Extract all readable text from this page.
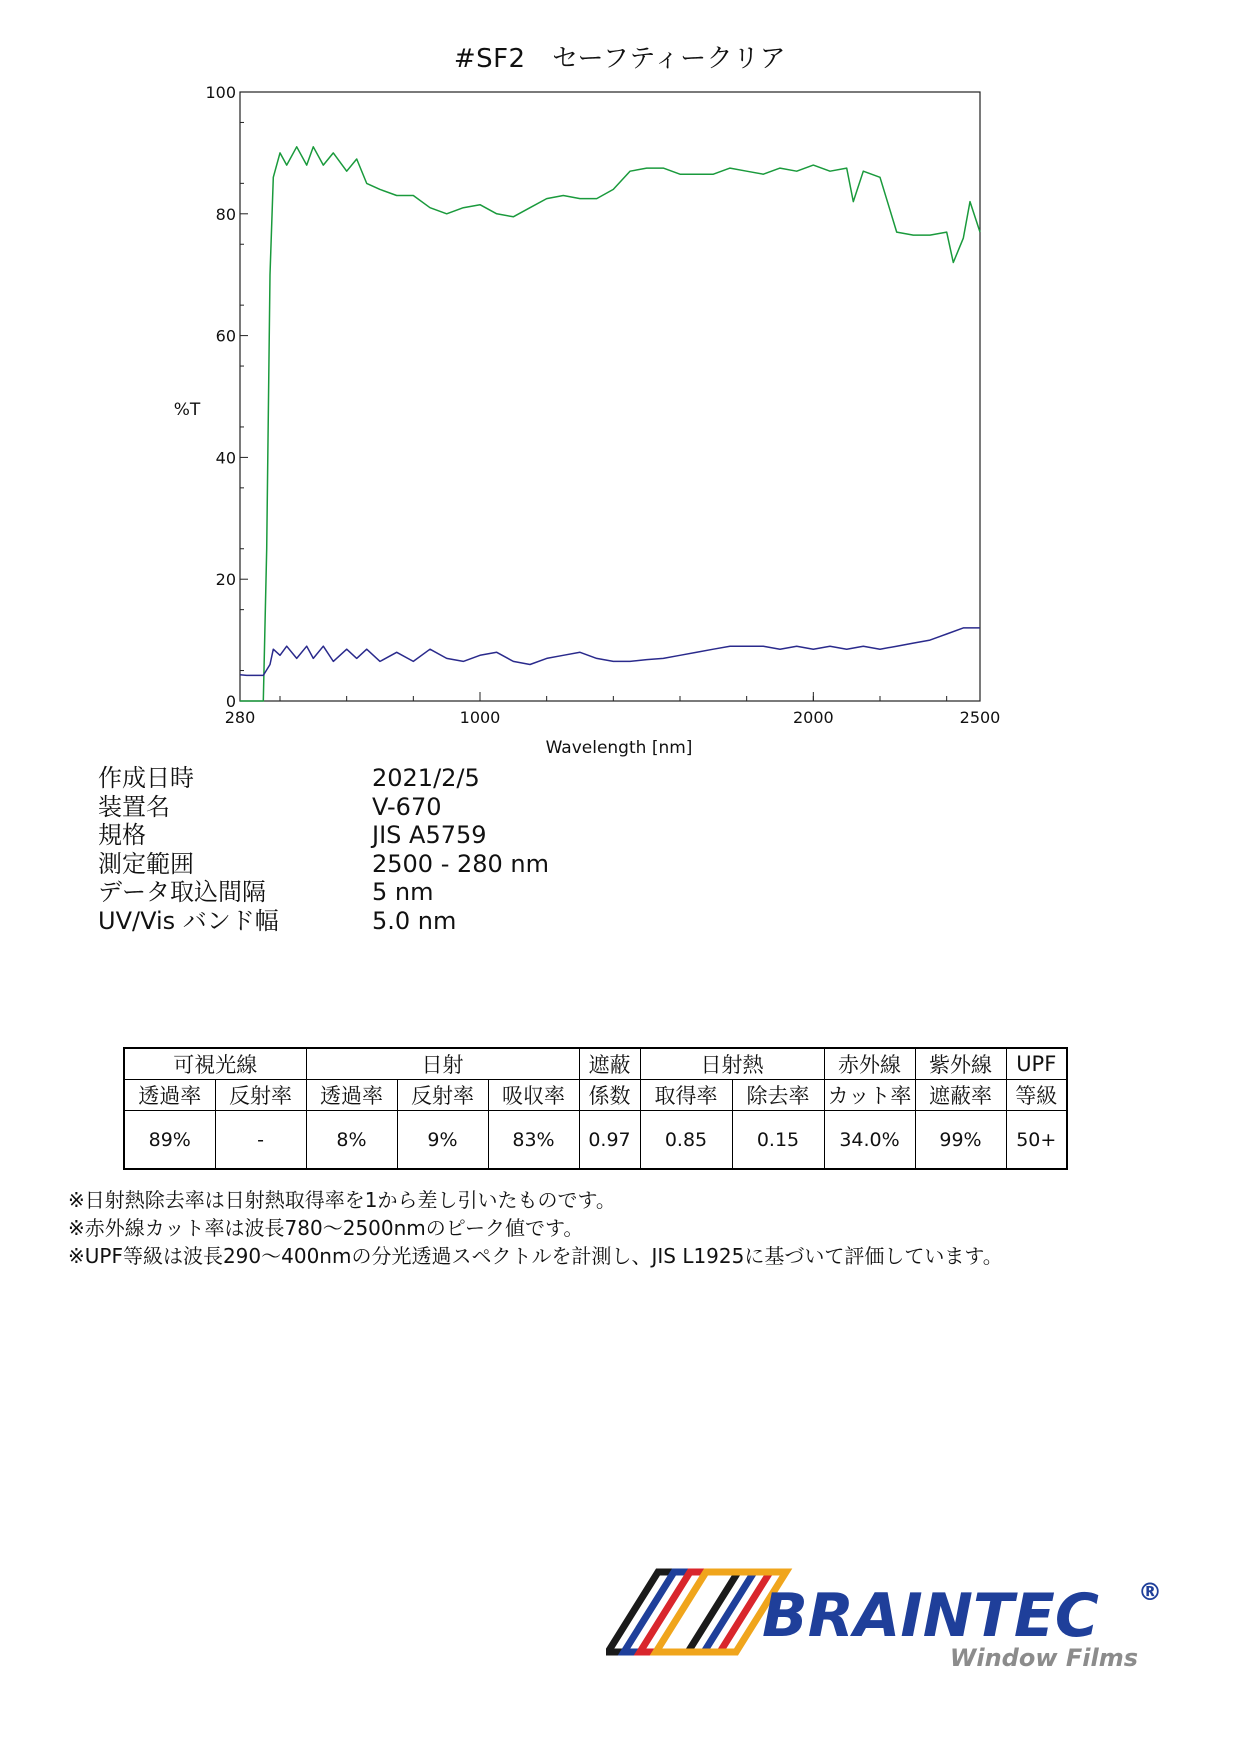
#SF2　セーフティークリア
0
20
40
60
80
100
280	1000	2000	2500
%T
Wavelength [nm]
作成日時	2021/2/5
装置名	V-670
規格	JIS A5759
測定範囲	2500 - 280 nm
データ取込間隔	5 nm
UV/Vis バンド幅	5.0 nm
可視光線		日射			遮蔽	日射熱		赤外線	紫外線	UPF
透過率	反射率	透過率	反射率	吸収率	係数	取得率	除去率	カット率	遮蔽率	等級
89%	-	8%	9%	83%	0.97	0.85	0.15	34.0%	99%	50+
※日射熱除去率は日射熱取得率を1から差し引いたものです。
※赤外線カット率は波長780～2500nmのピーク値です。
※UPF等級は波長290～400nmの分光透過スペクトルを計測し、JIS L1925に基づいて評価しています。
BRAINTEC ®
Window Films
